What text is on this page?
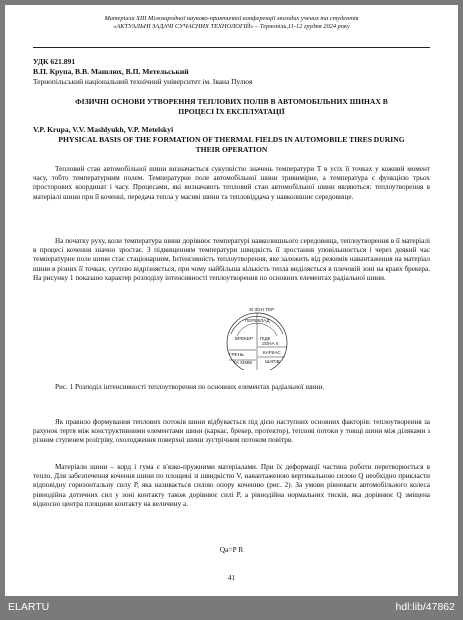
Матеріали XIII Міжнародної науково-практичної конференції молодих учених та студентів
«АКТУАЛЬНІ ЗАДАЧІ СУЧАСНИХ ТЕХНОЛОГІЙ» – Тернопіль,11-12 грудня 2024 року
УДК 621.891
В.П. Крупа, В.В. Машлюх, В.П. Метельський
Тернопільський національний технічний університет ім. Івана Пулюя
ФІЗИЧНІ ОСНОВИ УТВОРЕННЯ ТЕПЛОВИХ ПОЛІВ В АВТОМОБІЛЬНИХ ШИНАХ В ПРОЦЕСІ ЇХ ЕКСПЛУАТАЦІЇ
V.P. Krupa, V.V. Mashlyukh, V.P. Metelskyi
PHYSICAL BASIS OF THE FORMATION OF THERMAL FIELDS IN AUTOMOBILE TIRES DURING THEIR OPERATION

Тепловий стан автомобільної шини визначається сукупністю значень температури Т в усіх її точках у кожний момент часу, тобто температурним полем. Температурне поле автомобільної шини тривимірне, а температура є функцією трьох просторових координат і часу. Процесами, які визначають тепловий стан автомобільної шини являються: теплоутворення в матеріалі шини при її коченні, передача тепла у масиві шини та тепловіддача у навколишнє середовище.

На початку руху, коли температура шини дорівнює температурі навколишнього середовища, теплоутворення в її матеріалі в процесі кочення значно зростає. З підвищенням температури швидкість її зростання уповільнюється і через деякий час температурне поле шини стає стаціонарним. Інтенсивність теплоутворення, яке залежить від режимів навантаження на матеріал шини в різних її точках, суттєво відрізняється, при чому найбільша кількість тепла виділяється в плечовій зоні на краях брекера. На рисунку 1 показано характер розподілу інтенсивності теплоутворення по основних елементах радіальної шини.

ЗІ ЗОН ТЕР
ПЕРЕКЛАД
БРЕКЕР
ГРЕНЬ
ТА ХІМІЕ
ПІДК
ЗОНА ІІ
КАРКАС
ШАРІВ

Рис. 1 Розподіл інтенсивності теплоутворення по основних елементах радіальної шини.

Як правило формування теплових потоків шини відбувається під дією наступних основних факторів: теплоутворення за рахунок тертя між конструктивними елементами шини (каркас, брекер, протектор), теплові потоки у товщі шини між діляками з різним ступенем розігріву, охолодження поверхні шини зустрічним потоком повітря.

Матеріали шини – корд і гума є в'язко-пружними матеріалами. При їх деформації частина роботи перетворюється в тепло. Для забезпечення кочення шини по площині зі швидкістю V, навантаженою вертикальною силою Q необхідно прикласти відповідну горизонтальну силу P, яка називається силою опору коченню (рис. 2). За умови рівноваги автомобільного колеса рівнодійна дотичних сил у зоні контакту також дорівнює силі P, а рівнодійна нормальних тисків, яка дорівнює Q зміщена відносно центра площини контакту на величину a.

Qa=P R
41
ELARTU	hdl:lib/47862
